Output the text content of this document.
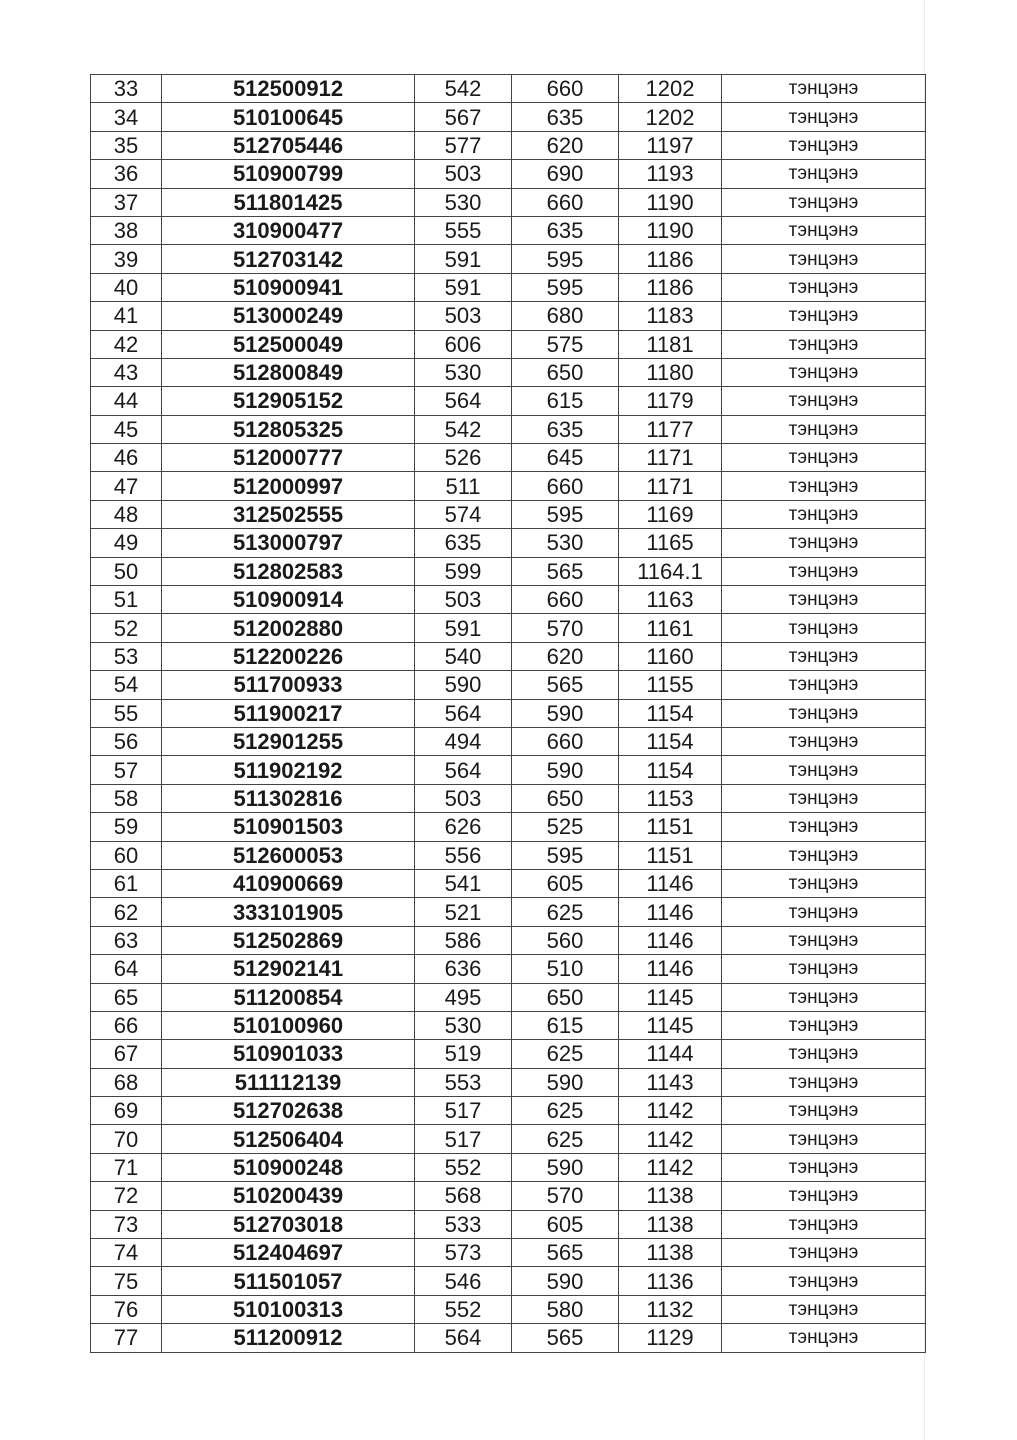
33	512500912	542	660	1202	тэнцэнэ
34	510100645	567	635	1202	тэнцэнэ
35	512705446	577	620	1197	тэнцэнэ
36	510900799	503	690	1193	тэнцэнэ
37	511801425	530	660	1190	тэнцэнэ
38	310900477	555	635	1190	тэнцэнэ
39	512703142	591	595	1186	тэнцэнэ
40	510900941	591	595	1186	тэнцэнэ
41	513000249	503	680	1183	тэнцэнэ
42	512500049	606	575	1181	тэнцэнэ
43	512800849	530	650	1180	тэнцэнэ
44	512905152	564	615	1179	тэнцэнэ
45	512805325	542	635	1177	тэнцэнэ
46	512000777	526	645	1171	тэнцэнэ
47	512000997	511	660	1171	тэнцэнэ
48	312502555	574	595	1169	тэнцэнэ
49	513000797	635	530	1165	тэнцэнэ
50	512802583	599	565	1164.1	тэнцэнэ
51	510900914	503	660	1163	тэнцэнэ
52	512002880	591	570	1161	тэнцэнэ
53	512200226	540	620	1160	тэнцэнэ
54	511700933	590	565	1155	тэнцэнэ
55	511900217	564	590	1154	тэнцэнэ
56	512901255	494	660	1154	тэнцэнэ
57	511902192	564	590	1154	тэнцэнэ
58	511302816	503	650	1153	тэнцэнэ
59	510901503	626	525	1151	тэнцэнэ
60	512600053	556	595	1151	тэнцэнэ
61	410900669	541	605	1146	тэнцэнэ
62	333101905	521	625	1146	тэнцэнэ
63	512502869	586	560	1146	тэнцэнэ
64	512902141	636	510	1146	тэнцэнэ
65	511200854	495	650	1145	тэнцэнэ
66	510100960	530	615	1145	тэнцэнэ
67	510901033	519	625	1144	тэнцэнэ
68	511112139	553	590	1143	тэнцэнэ
69	512702638	517	625	1142	тэнцэнэ
70	512506404	517	625	1142	тэнцэнэ
71	510900248	552	590	1142	тэнцэнэ
72	510200439	568	570	1138	тэнцэнэ
73	512703018	533	605	1138	тэнцэнэ
74	512404697	573	565	1138	тэнцэнэ
75	511501057	546	590	1136	тэнцэнэ
76	510100313	552	580	1132	тэнцэнэ
77	511200912	564	565	1129	тэнцэнэ
